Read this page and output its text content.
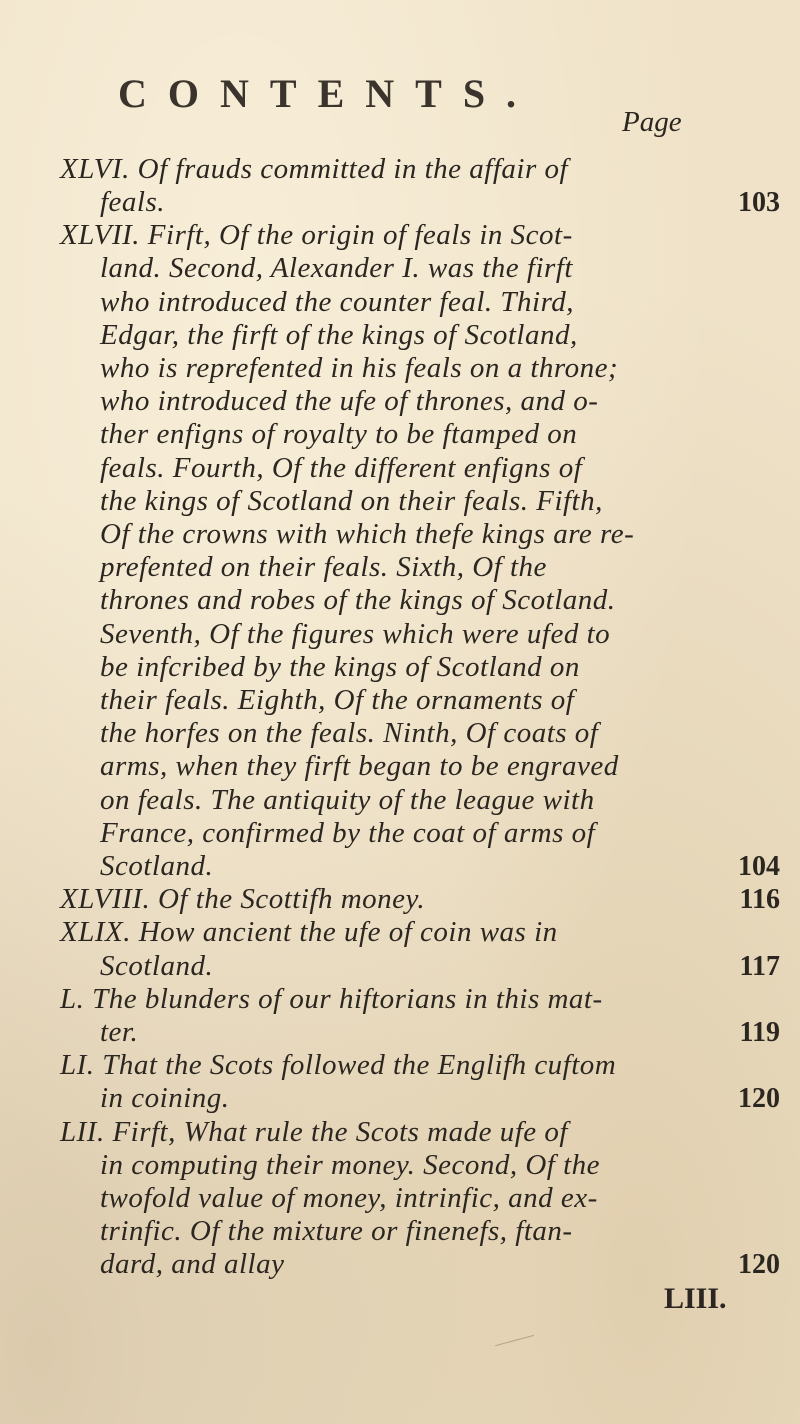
CONTENTS.
Page
XLVI. Of frauds committed in the affair of
feals.	103
XLVII. Firft, Of the origin of feals in Scot-
land. Second, Alexander I. was the firft
who introduced the counter feal. Third,
Edgar, the firft of the kings of Scotland,
who is reprefented in his feals on a throne;
who introduced the ufe of thrones, and o-
ther enfigns of royalty to be ftamped on
feals. Fourth, Of the different enfigns of
the kings of Scotland on their feals. Fifth,
Of the crowns with which thefe kings are re-
prefented on their feals. Sixth, Of the
thrones and robes of the kings of Scotland.
Seventh, Of the figures which were ufed to
be infcribed by the kings of Scotland on
their feals. Eighth, Of the ornaments of
the horfes on the feals. Ninth, Of coats of
arms, when they firft began to be engraved
on feals. The antiquity of the league with
France, confirmed by the coat of arms of
Scotland.	104
XLVIII. Of the Scottifh money.	116
XLIX. How ancient the ufe of coin was in
Scotland.	117
L. The blunders of our hiftorians in this mat-
ter.	119
LI. That the Scots followed the Englifh cuftom
in coining.	120
LII. Firft, What rule the Scots made ufe of
in computing their money. Second, Of the
twofold value of money, intrinfic, and ex-
trinfic. Of the mixture or finenefs, ftan-
dard, and allay	120
LIII.
